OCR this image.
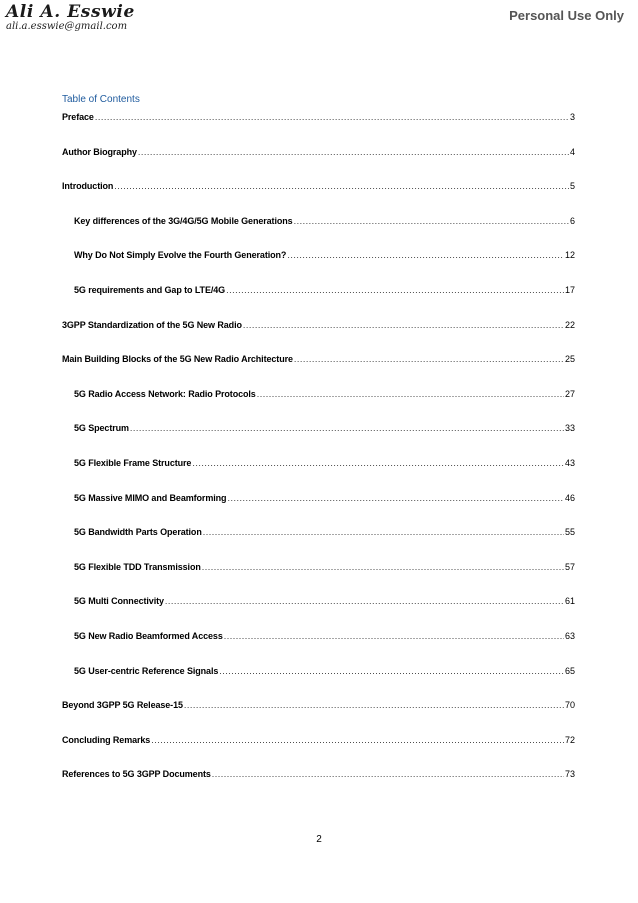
Ali A. Esswie
ali.a.esswie@gmail.com
Personal Use Only
Table of Contents
Preface .....	3
Author Biography .....	4
Introduction .....	5
Key differences of the 3G/4G/5G Mobile Generations .....	6
Why Do Not Simply Evolve the Fourth Generation? .....	12
5G requirements and Gap to LTE/4G .....	17
3GPP Standardization of the 5G New Radio .....	22
Main Building Blocks of the 5G New Radio Architecture .....	25
5G Radio Access Network: Radio Protocols .....	27
5G Spectrum .....	33
5G Flexible Frame Structure .....	43
5G Massive MIMO and Beamforming .....	46
5G Bandwidth Parts Operation .....	55
5G Flexible TDD Transmission .....	57
5G Multi Connectivity .....	61
5G New Radio Beamformed Access .....	63
5G User-centric Reference Signals .....	65
Beyond 3GPP 5G Release-15 .....	70
Concluding Remarks .....	72
References to 5G 3GPP Documents .....	73
2
